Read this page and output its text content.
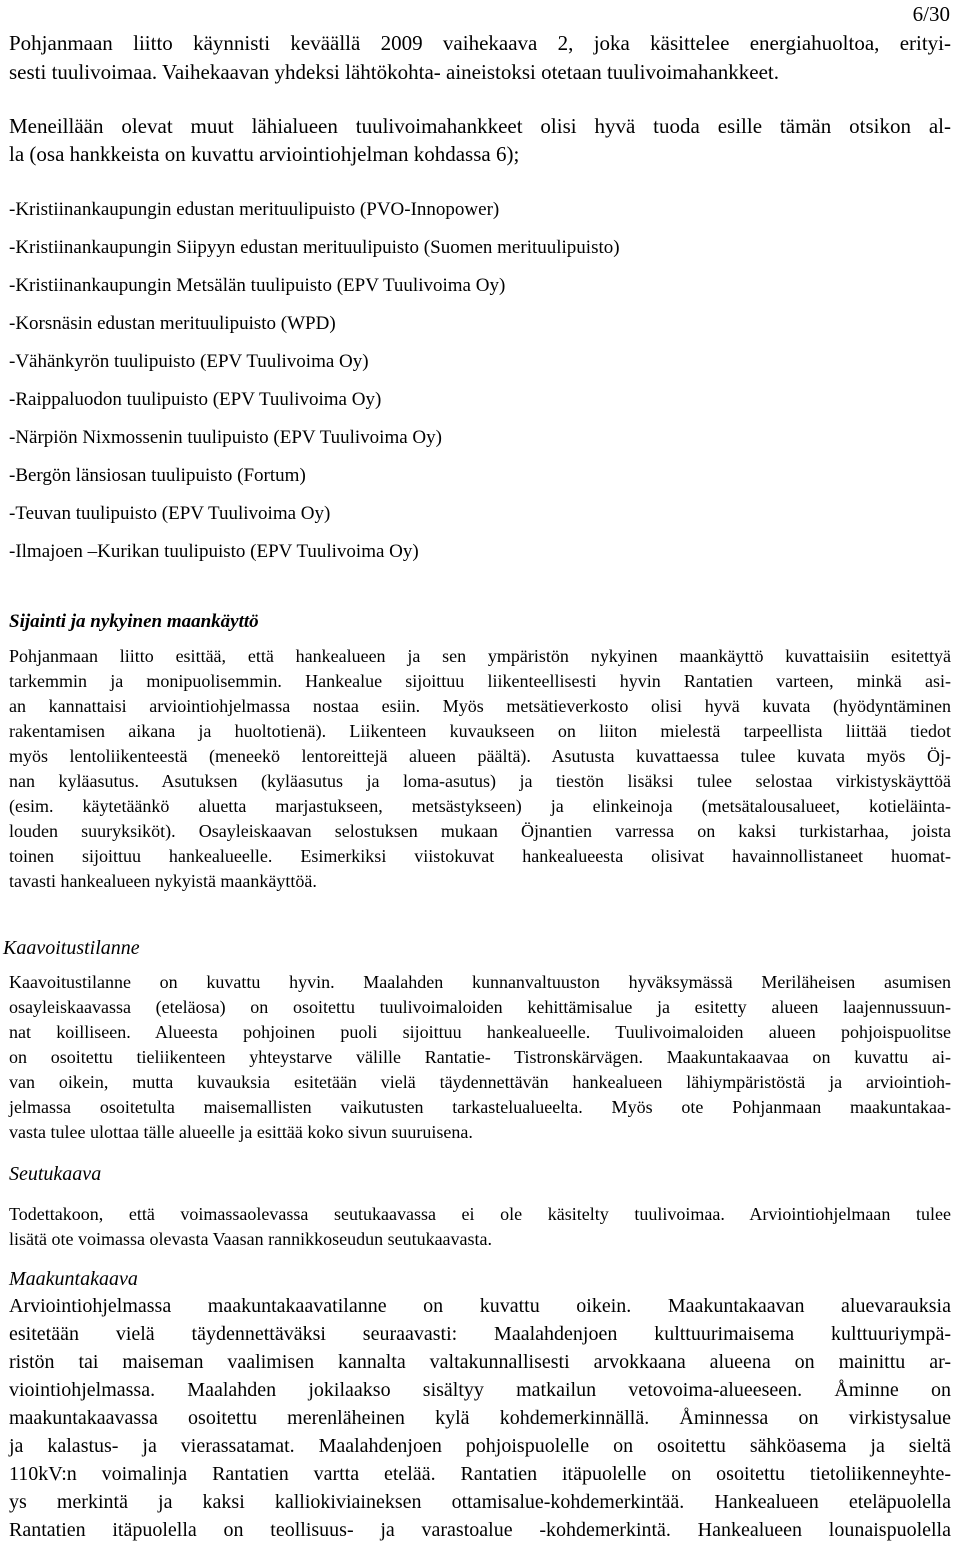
6/30
Pohjanmaan liitto käynnisti keväällä 2009 vaihekaava 2, joka käsittelee energiahuoltoa, erityi-
sesti tuulivoimaa. Vaihekaavan yhdeksi lähtökohta- aineistoksi otetaan tuulivoimahankkeet.
Meneillään olevat muut lähialueen tuulivoimahankkeet olisi hyvä tuoda esille tämän otsikon al-
la (osa hankkeista on kuvattu arviointiohjelman kohdassa 6);
-Kristiinankaupungin edustan merituulipuisto (PVO-Innopower)
-Kristiinankaupungin Siipyyn edustan merituulipuisto (Suomen merituulipuisto)
-Kristiinankaupungin Metsälän tuulipuisto (EPV Tuulivoima Oy)
-Korsnäsin edustan merituulipuisto (WPD)
-Vähänkyrön tuulipuisto (EPV Tuulivoima Oy)
-Raippaluodon tuulipuisto (EPV Tuulivoima Oy)
-Närpiön Nixmossenin tuulipuisto (EPV Tuulivoima Oy)
-Bergön länsiosan tuulipuisto (Fortum)
-Teuvan tuulipuisto (EPV Tuulivoima Oy)
-Ilmajoen –Kurikan tuulipuisto (EPV Tuulivoima Oy)
Sijainti ja nykyinen maankäyttö
Pohjanmaan liitto esittää, että hankealueen ja sen ympäristön nykyinen maankäyttö kuvattaisiin esitettyä
tarkemmin ja monipuolisemmin. Hankealue sijoittuu liikenteellisesti hyvin Rantatien varteen, minkä asi-
an kannattaisi arviointiohjelmassa nostaa esiin. Myös metsätieverkosto olisi hyvä kuvata (hyödyntäminen
rakentamisen aikana ja huoltotienä). Liikenteen kuvaukseen on liiton mielestä tarpeellista liittää tiedot
myös lentoliikenteestä (meneekö lentoreittejä alueen päältä). Asutusta kuvattaessa tulee kuvata myös Öj-
nan kyläasutus. Asutuksen (kyläasutus ja loma-asutus) ja tiestön lisäksi tulee selostaa virkistyskäyttöä
(esim. käytetäänkö aluetta marjastukseen, metsästykseen) ja elinkeinoja (metsätalousalueet, kotieläinta-
louden suuryksiköt). Osayleiskaavan selostuksen mukaan Öjnantien varressa on kaksi turkistarhaa, joista
toinen sijoittuu hankealueelle. Esimerkiksi viistokuvat hankealueesta olisivat havainnollistaneet huomat-
tavasti hankealueen nykyistä maankäyttöä.
Kaavoitustilanne
Kaavoitustilanne on kuvattu hyvin. Maalahden kunnanvaltuuston hyväksymässä Meriläheisen asumisen
osayleiskaavassa (eteläosa) on osoitettu tuulivoimaloiden kehittämisalue ja esitetty alueen laajennussuun-
nat koilliseen. Alueesta pohjoinen puoli sijoittuu hankealueelle. Tuulivoimaloiden alueen pohjoispuolitse
on osoitettu tieliikenteen yhteystarve välille Rantatie- Tistronskärvägen. Maakuntakaavaa on kuvattu ai-
van oikein, mutta kuvauksia esitetään vielä täydennettävän hankealueen lähiympäristöstä ja arviointioh-
jelmassa osoitetulta maisemallisten vaikutusten tarkastelualueelta. Myös ote Pohjanmaan maakuntakaa-
vasta tulee ulottaa tälle alueelle ja esittää koko sivun suuruisena.
Seutukaava
Todettakoon, että voimassaolevassa seutukaavassa ei ole käsitelty tuulivoimaa. Arviointiohjelmaan tulee
lisätä ote voimassa olevasta Vaasan rannikkoseudun seutukaavasta.
Maakuntakaava
Arviointiohjelmassa maakuntakaavatilanne on kuvattu oikein. Maakuntakaavan aluevarauksia
esitetään vielä täydennettäväksi seuraavasti: Maalahdenjoen kulttuurimaisema kulttuuriympä-
ristön tai maiseman vaalimisen kannalta valtakunnallisesti arvokkaana alueena on mainittu ar-
viointiohjelmassa. Maalahden jokilaakso sisältyy matkailun vetovoima-alueeseen. Åminne on
maakuntakaavassa osoitettu merenläheinen kylä kohdemerkinnällä. Åminnessa on virkistysalue
ja kalastus- ja vierassatamat. Maalahdenjoen pohjoispuolelle on osoitettu sähköasema ja sieltä
110kV:n voimalinja Rantatien vartta etelää. Rantatien itäpuolelle on osoitettu tietoliikenneyhte-
ys merkintä ja kaksi kalliokiviaineksen ottamisalue-kohdemerkintää. Hankealueen eteläpuolella
Rantatien itäpuolella on teollisuus- ja varastoalue -kohdemerkintä. Hankealueen lounaispuolella
